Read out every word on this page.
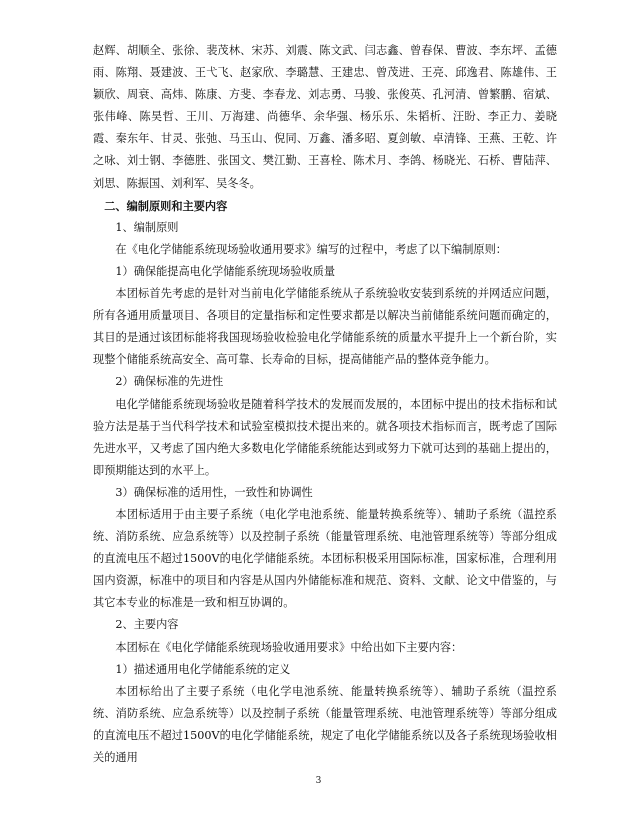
赵辉、胡顺全、张徐、裴茂林、宋苏、刘震、陈文武、闫志鑫、曾春保、曹波、李东坪、孟德雨、陈翔、聂建波、王弋飞、赵家欣、李璐慧、王建忠、曾茂进、王亮、邱逸君、陈雄伟、王颖欣、周衰、高炜、陈康、方斐、李春龙、刘志勇、马骏、张俊英、孔河清、曾繁鹏、宿斌、张伟峰、陈昊哲、王川、万海建、尚德华、余华强、杨乐乐、朱韬析、汪盼、李正力、姜晓霞、秦东年、甘灵、张弛、马玉山、倪同、万鑫、潘多昭、夏剑敏、卓清锋、王燕、王乾、许之咏、刘士钢、李德胜、张国文、樊江勤、王喜栓、陈术月、李鸽、杨晓光、石桥、曹陆萍、刘思、陈振国、刘利军、吴冬冬。

二、编制原则和主要内容

1、编制原则

在《电化学储能系统现场验收通用要求》编写的过程中，考虑了以下编制原则：

1）确保能提高电化学储能系统现场验收质量

本团标首先考虑的是针对当前电化学储能系统从子系统验收安装到系统的并网适应问题，所有各通用质量项目、各项目的定量指标和定性要求都是以解决当前储能系统问题而确定的，其目的是通过该团标能将我国现场验收检验电化学储能系统的质量水平提升上一个新台阶，实现整个储能系统高安全、高可靠、长寿命的目标，提高储能产品的整体竞争能力。

2）确保标准的先进性

电化学储能系统现场验收是随着科学技术的发展而发展的，本团标中提出的技术指标和试验方法是基于当代科学技术和试验室模拟技术提出来的。就各项技术指标而言，既考虑了国际先进水平，又考虑了国内绝大多数电化学储能系统能达到或努力下就可达到的基础上提出的，即预期能达到的水平上。

3）确保标准的适用性，一致性和协调性

本团标适用于由主要子系统（电化学电池系统、能量转换系统等）、辅助子系统（温控系统、消防系统、应急系统等）以及控制子系统（能量管理系统、电池管理系统等）等部分组成的直流电压不超过1500V的电化学储能系统。本团标积极采用国际标准，国家标准，合理利用国内资源，标准中的项目和内容是从国内外储能标准和规范、资料、文献、论文中借鉴的，与其它本专业的标准是一致和相互协调的。

2、主要内容

本团标在《电化学储能系统现场验收通用要求》中给出如下主要内容：

1）描述通用电化学储能系统的定义

本团标给出了主要子系统（电化学电池系统、能量转换系统等）、辅助子系统（温控系统、消防系统、应急系统等）以及控制子系统（能量管理系统、电池管理系统等）等部分组成的直流电压不超过1500V的电化学储能系统，规定了电化学储能系统以及各子系统现场验收相关的通用

3
